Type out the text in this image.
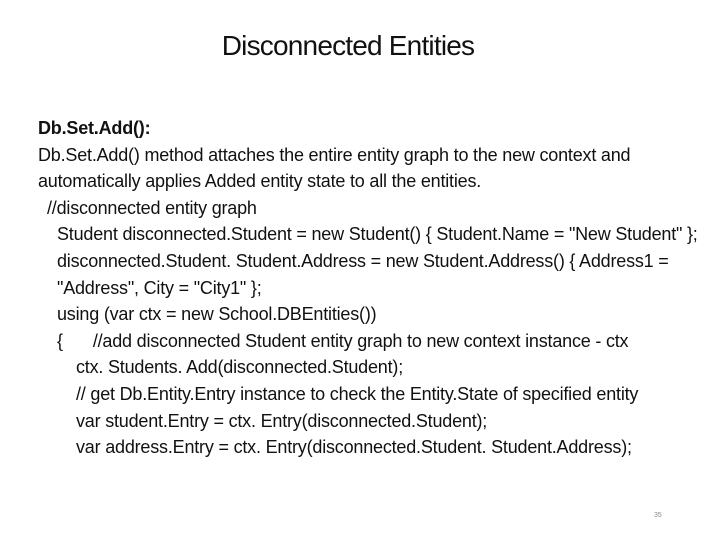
Disconnected Entities

Db.Set.Add():

Db.Set.Add() method attaches the entire entity graph to the new context and automatically applies Added entity state to all the entities.

//disconnected entity graph

Student disconnected.Student = new Student() { Student.Name = "New Student" };

disconnected.Student. Student.Address = new Student.Address() { Address1 = "Address", City = "City1" };

using (var ctx = new School.DBEntities())

{ //add disconnected Student entity graph to new context instance - ctx

ctx. Students. Add(disconnected.Student);

// get Db.Entity.Entry instance to check the Entity.State of specified entity

var student.Entry = ctx. Entry(disconnected.Student);

var address.Entry = ctx. Entry(disconnected.Student. Student.Address);

35
